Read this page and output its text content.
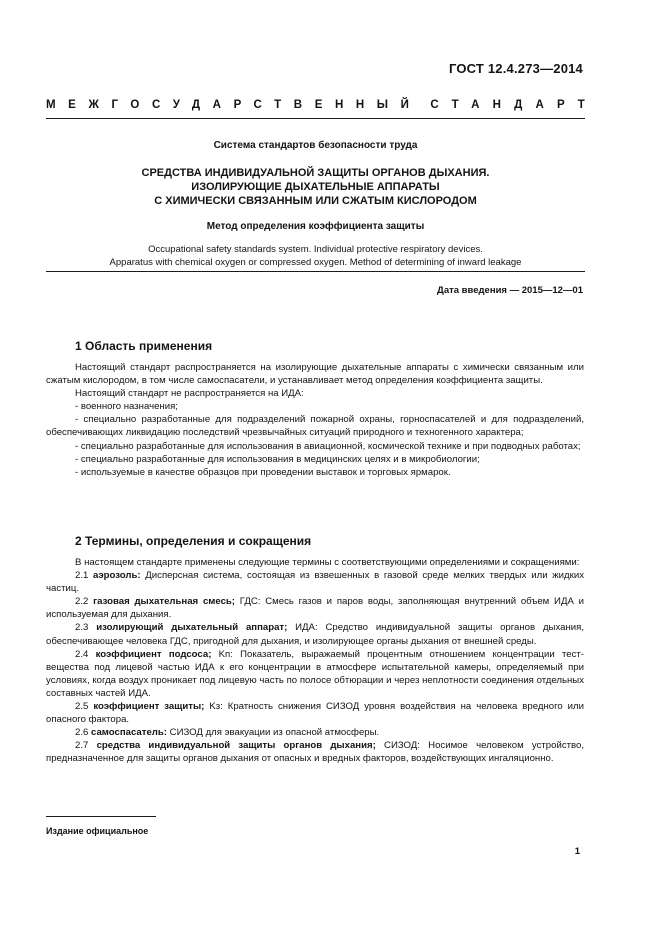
ГОСТ 12.4.273—2014
МЕЖГОСУДАРСТВЕННЫЙ СТАНДАРТ
Система стандартов безопасности труда
СРЕДСТВА ИНДИВИДУАЛЬНОЙ ЗАЩИТЫ ОРГАНОВ ДЫХАНИЯ.
ИЗОЛИРУЮЩИЕ ДЫХАТЕЛЬНЫЕ АППАРАТЫ
С ХИМИЧЕСКИ СВЯЗАННЫМ ИЛИ СЖАТЫМ КИСЛОРОДОМ
Метод определения коэффициента защиты
Occupational safety standards system. Individual protective respiratory devices.
Apparatus with chemical oxygen or compressed oxygen. Method of determining of inward leakage
Дата введения — 2015—12—01
1 Область применения

Настоящий стандарт распространяется на изолирующие дыхательные аппараты с химически связанным или сжатым кислородом, в том числе самоспасатели, и устанавливает метод определения коэффициента защиты.

Настоящий стандарт не распространяется на ИДА:

- военного назначения;

- специально разработанные для подразделений пожарной охраны, горноспасателей и для подразделений, обеспечивающих ликвидацию последствий чрезвычайных ситуаций природного и техногенного характера;

- специально разработанные для использования в авиационной, космической технике и при подводных работах;

- специально разработанные для использования в медицинских целях и в микробиологии;

- используемые в качестве образцов при проведении выставок и торговых ярмарок.

2 Термины, определения и сокращения

В настоящем стандарте применены следующие термины с соответствующими определениями и сокращениями:

2.1 аэрозоль: Дисперсная система, состоящая из взвешенных в газовой среде мелких твердых или жидких частиц.

2.2 газовая дыхательная смесь; ГДС: Смесь газов и паров воды, заполняющая внутренний объем ИДА и используемая для дыхания.

2.3 изолирующий дыхательный аппарат; ИДА: Средство индивидуальной защиты органов дыхания, обеспечивающее человека ГДС, пригодной для дыхания, и изолирующее органы дыхания от внешней среды.

2.4 коэффициент подсоса; Kп: Показатель, выражаемый процентным отношением концентрации тест-вещества под лицевой частью ИДА к его концентрации в атмосфере испытательной камеры, определяемый при условиях, когда воздух проникает под лицевую часть по полосе обтюрации и через неплотности соединения отдельных составных частей ИДА.

2.5 коэффициент защиты; Kз: Кратность снижения СИЗОД уровня воздействия на человека вредного или опасного фактора.

2.6 самоспасатель: СИЗОД для эвакуации из опасной атмосферы.

2.7 средства индивидуальной защиты органов дыхания; СИЗОД: Носимое человеком устройство, предназначенное для защиты органов дыхания от опасных и вредных факторов, воздействующих ингаляционно.

Издание официальное
1
